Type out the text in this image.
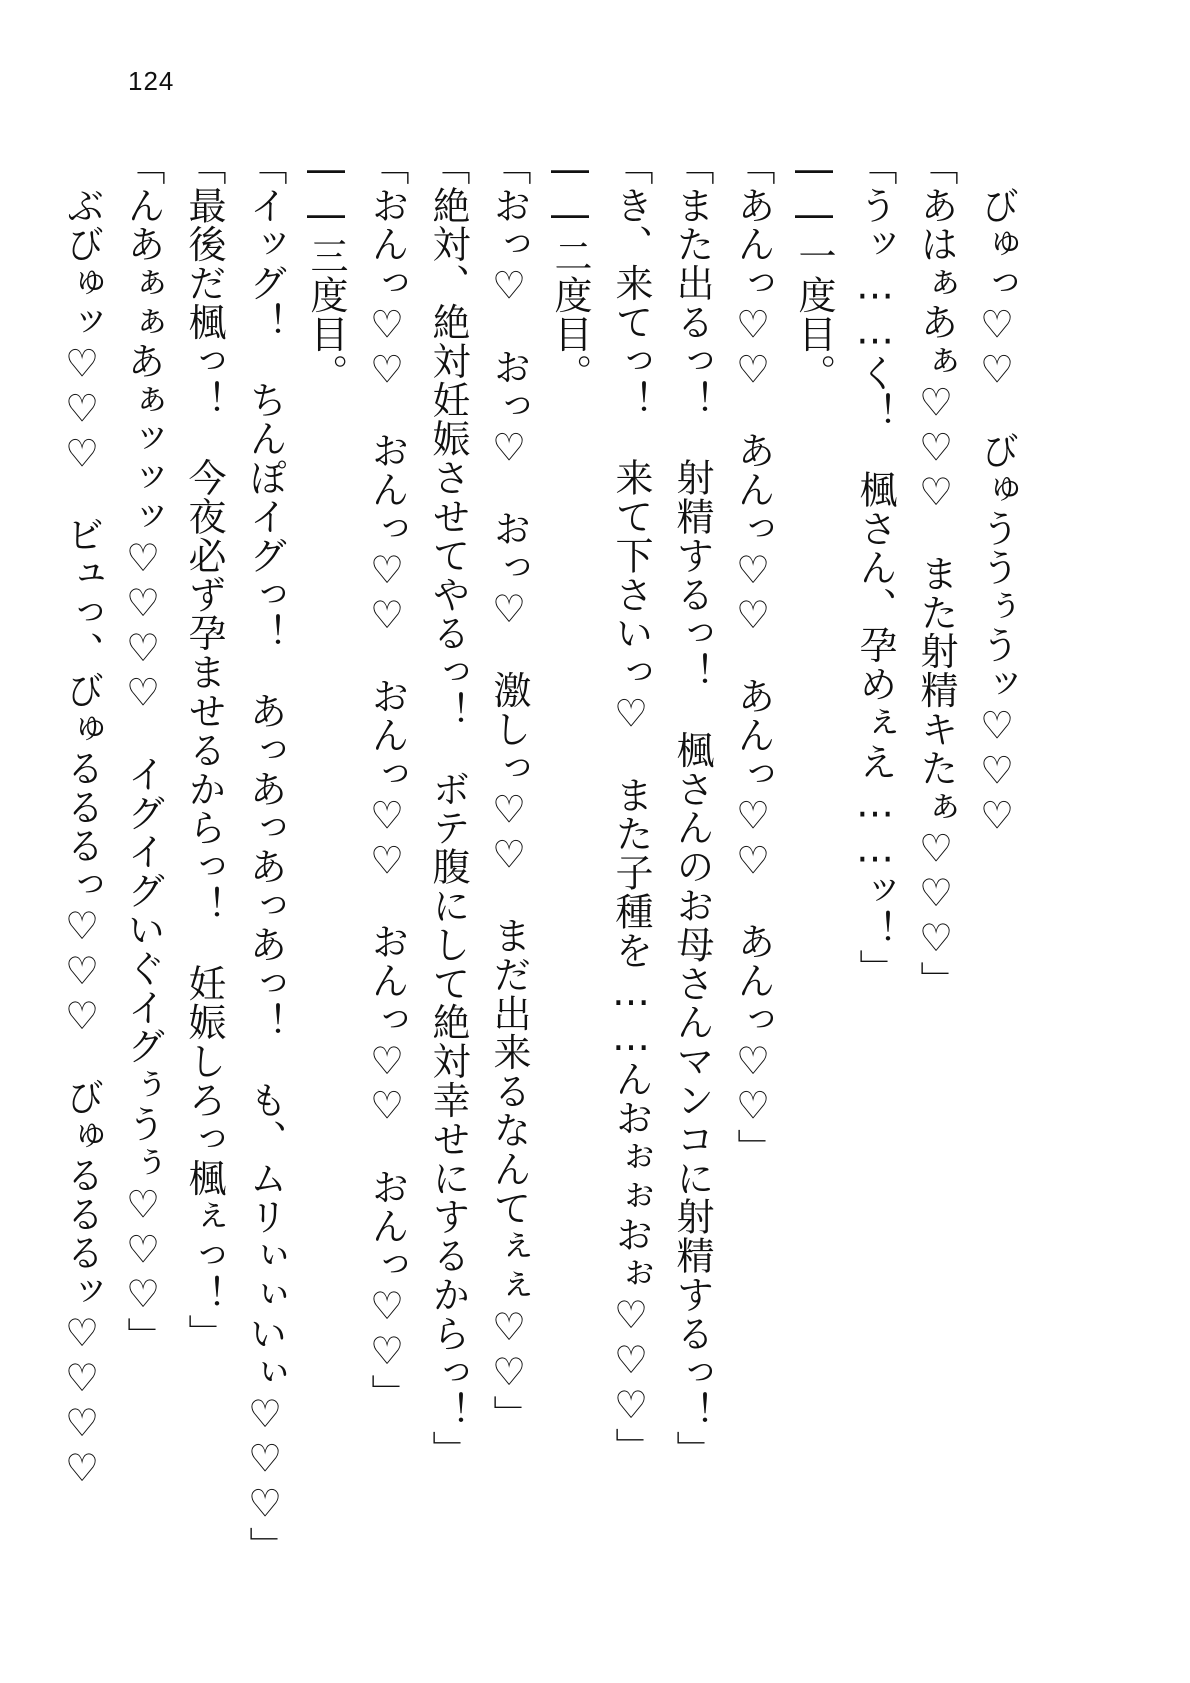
124
　びゅっ♡♡　びゅううぅうッ♡♡♡
「あはぁあぁ♡♡♡　また射精キたぁ♡♡♡」
「うッ……く！　楓さん、孕めぇえ……ッ！」
――一度目。
「あんっ♡♡　あんっ♡♡　あんっ♡♡　あんっ♡♡」
「また出るっ！　射精するっ！　楓さんのお母さんマンコに射精するっ！」
「き、来てっ！　来て下さいっ♡　また子種を……んおぉぉおぉ♡♡♡」
――二度目。
「おっ♡　おっ♡　おっ♡　激しっ♡♡　まだ出来るなんてぇぇ♡♡」
「絶対、絶対妊娠させてやるっ！　ボテ腹にして絶対幸せにするからっ！」
「おんっ♡♡　おんっ♡♡　おんっ♡♡　おんっ♡♡　おんっ♡♡」
――三度目。
「イッグ！　ちんぽイグっ！　あっあっあっあっ！　も、ムリぃぃいぃ♡♡♡」
「最後だ楓っ！　今夜必ず孕ませるからっ！　妊娠しろっ楓ぇっ！」
「んあぁぁあぁッッッ♡♡♡♡　イグイグいぐイグぅうぅ♡♡♡」
　ぶびゅッ♡♡♡　ビュっ、びゅるるるっ♡♡♡　びゅるるるッ♡♡♡♡
